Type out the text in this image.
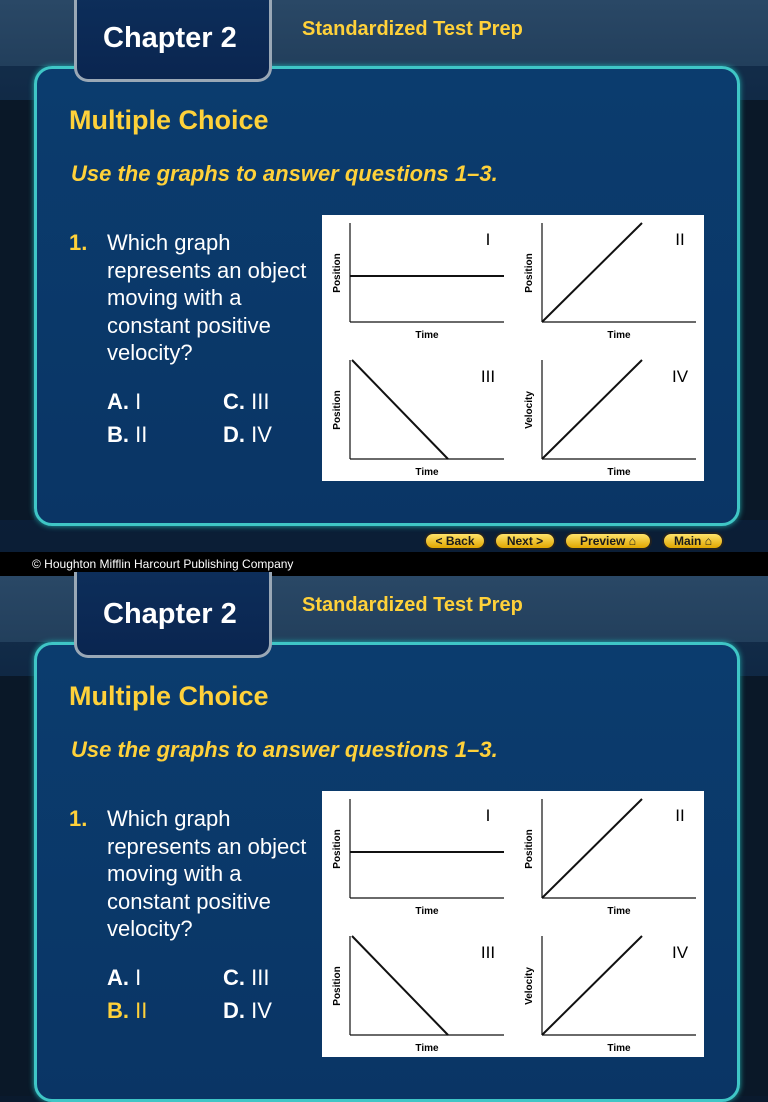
Chapter 2	Standardized Test Prep
Multiple Choice
Use the graphs to answer questions 1–3.
1. Which graph represents an object moving with a constant positive velocity?
A. I	C. III
B. II	D. IV
Position
Time
I
Position
Time
II
Position
Time
III
Velocity
Time
IV
< Back	Next >	Preview ⌂	Main ⌂
© Houghton Mifflin Harcourt Publishing Company
Chapter 2	Standardized Test Prep
Multiple Choice
Use the graphs to answer questions 1–3.
1. Which graph represents an object moving with a constant positive velocity?
A. I	C. III
B. II	D. IV
Position
Time
I
Position
Time
II
Position
Time
III
Velocity
Time
IV
